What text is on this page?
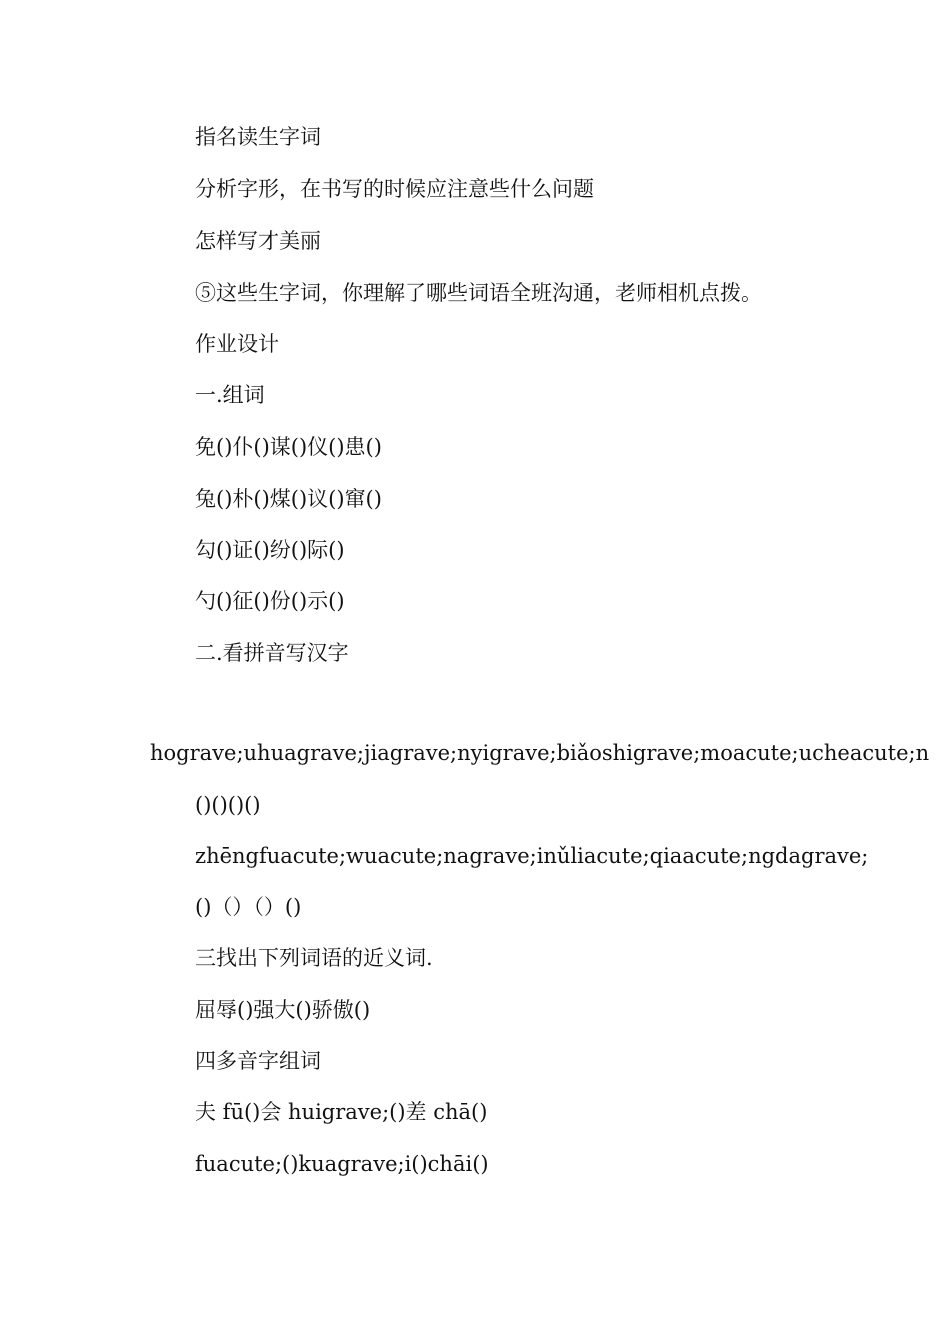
指名读生字词
分析字形，在书写的时候应注意些什么问题
怎样写才美丽
⑤这些生字词，你理解了哪些词语全班沟通，老师相机点拨。
作业设计
一.组词
免()仆()谋()仪()患()
兔()朴()煤()议()窜()
勾()证()纷()际()
勺()征()份()示()
二.看拼音写汉字
hograve;uhuagrave;jiagrave;nyigrave;biǎoshigrave;moacute;ucheacute;n
()()()()
zhēngfuacute;wuacute;nagrave;inǔliacute;qiaacute;ngdagrave;
()（）（）()
三找出下列词语的近义词.
屈辱()强大()骄傲()
四多音字组词
夫 fū()会 huigrave;()差 chā()
fuacute;()kuagrave;i()chāi()
